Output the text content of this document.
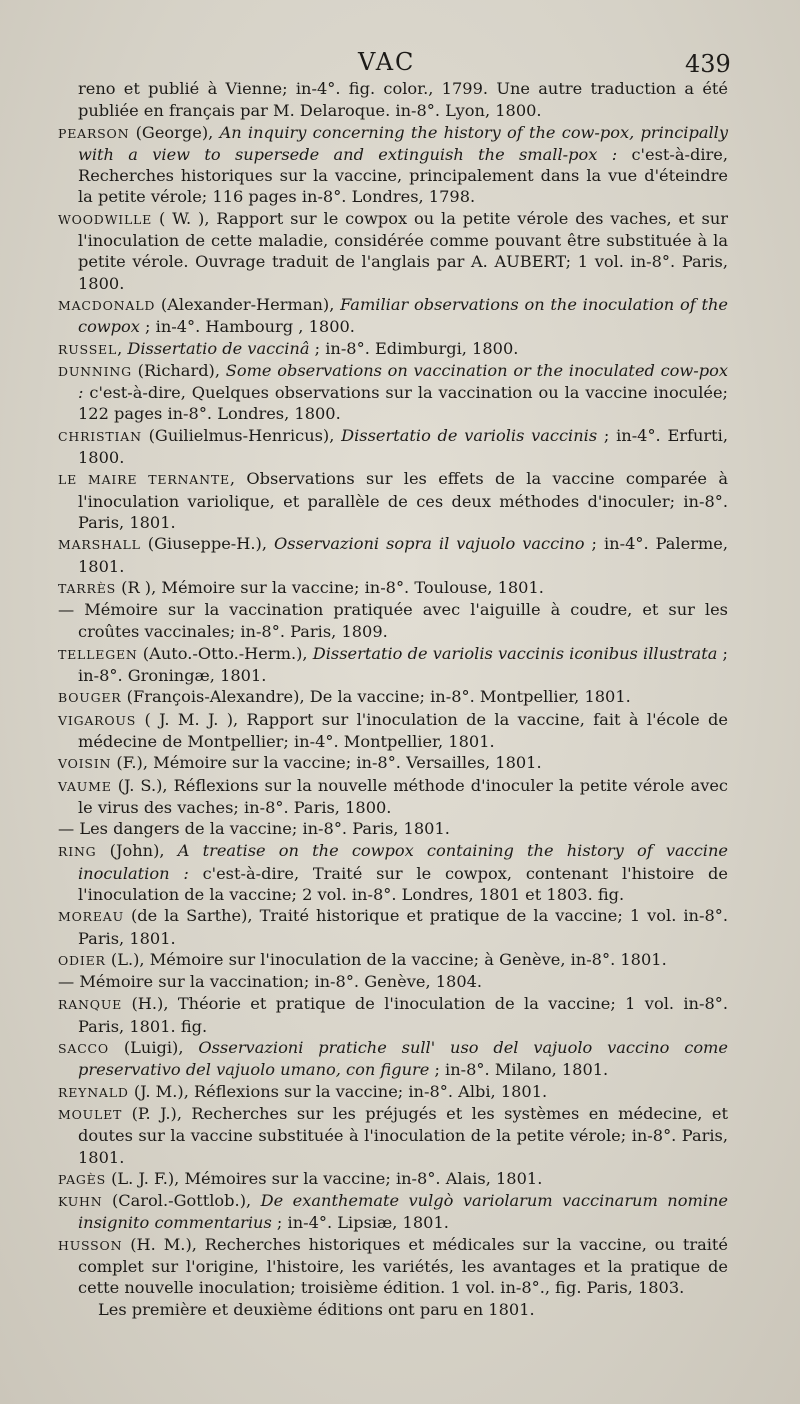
VAC	439

reno et publié à Vienne; in-4°. fig. color., 1799. Une autre traduction a été publiée en français par M. Delaroque. in-8°. Lyon, 1800.

PEARSON (George), An inquiry concerning the history of the cow-pox, principally with a view to supersede and extinguish the small-pox : c'est-à-dire, Recherches historiques sur la vaccine, principalement dans la vue d'éteindre la petite vérole; 116 pages in-8°. Londres, 1798.

WOODWILLE ( W. ), Rapport sur le cowpox ou la petite vérole des vaches, et sur l'inoculation de cette maladie, considérée comme pouvant être substituée à la petite vérole. Ouvrage traduit de l'anglais par A. AUBERT; 1 vol. in-8°. Paris, 1800.

MACDONALD (Alexander-Herman), Familiar observations on the inoculation of the cowpox ; in-4°. Hambourg , 1800.

RUSSEL, Dissertatio de vaccinâ ; in-8°. Edimburgi, 1800.

DUNNING (Richard), Some observations on vaccination or the inoculated cow-pox : c'est-à-dire, Quelques observations sur la vaccination ou la vaccine inoculée; 122 pages in-8°. Londres, 1800.

CHRISTIAN (Guilielmus-Henricus), Dissertatio de variolis vaccinis ; in-4°. Erfurti, 1800.

LE MAIRE TERNANTE, Observations sur les effets de la vaccine comparée à l'inoculation variolique, et parallèle de ces deux méthodes d'inoculer; in-8°. Paris, 1801.

MARSHALL (Giuseppe-H.), Osservazioni sopra il vajuolo vaccino ; in-4°. Palerme, 1801.

TARRÈS (R ), Mémoire sur la vaccine; in-8°. Toulouse, 1801.

— Mémoire sur la vaccination pratiquée avec l'aiguille à coudre, et sur les croûtes vaccinales; in-8°. Paris, 1809.

TELLEGEN (Auto.-Otto.-Herm.), Dissertatio de variolis vaccinis iconibus illustrata ; in-8°. Groningæ, 1801.

BOUGER (François-Alexandre), De la vaccine; in-8°. Montpellier, 1801.

VIGAROUS ( J. M. J. ), Rapport sur l'inoculation de la vaccine, fait à l'école de médecine de Montpellier; in-4°. Montpellier, 1801.

VOISIN (F.), Mémoire sur la vaccine; in-8°. Versailles, 1801.

VAUME (J. S.), Réflexions sur la nouvelle méthode d'inoculer la petite vérole avec le virus des vaches; in-8°. Paris, 1800.

— Les dangers de la vaccine; in-8°. Paris, 1801.

RING (John), A treatise on the cowpox containing the history of vaccine inoculation : c'est-à-dire, Traité sur le cowpox, contenant l'histoire de l'inoculation de la vaccine; 2 vol. in-8°. Londres, 1801 et 1803. fig.

MOREAU (de la Sarthe), Traité historique et pratique de la vaccine; 1 vol. in-8°. Paris, 1801.

ODIER (L.), Mémoire sur l'inoculation de la vaccine; à Genève, in-8°. 1801.

— Mémoire sur la vaccination; in-8°. Genève, 1804.

RANQUE (H.), Théorie et pratique de l'inoculation de la vaccine; 1 vol. in-8°. Paris, 1801. fig.

SACCO (Luigi), Osservazioni pratiche sull' uso del vajuolo vaccino come preservativo del vajuolo umano, con figure ; in-8°. Milano, 1801.

REYNALD (J. M.), Réflexions sur la vaccine; in-8°. Albi, 1801.

MOULET (P. J.), Recherches sur les préjugés et les systèmes en médecine, et doutes sur la vaccine substituée à l'inoculation de la petite vérole; in-8°. Paris, 1801.

PAGÈS (L. J. F.), Mémoires sur la vaccine; in-8°. Alais, 1801.

KUHN (Carol.-Gottlob.), De exanthemate vulgò variolarum vaccinarum nomine insignito commentarius ; in-4°. Lipsiæ, 1801.

HUSSON (H. M.), Recherches historiques et médicales sur la vaccine, ou traité complet sur l'origine, l'histoire, les variétés, les avantages et la pratique de cette nouvelle inoculation; troisième édition. 1 vol. in-8°., fig. Paris, 1803.

Les première et deuxième éditions ont paru en 1801.
